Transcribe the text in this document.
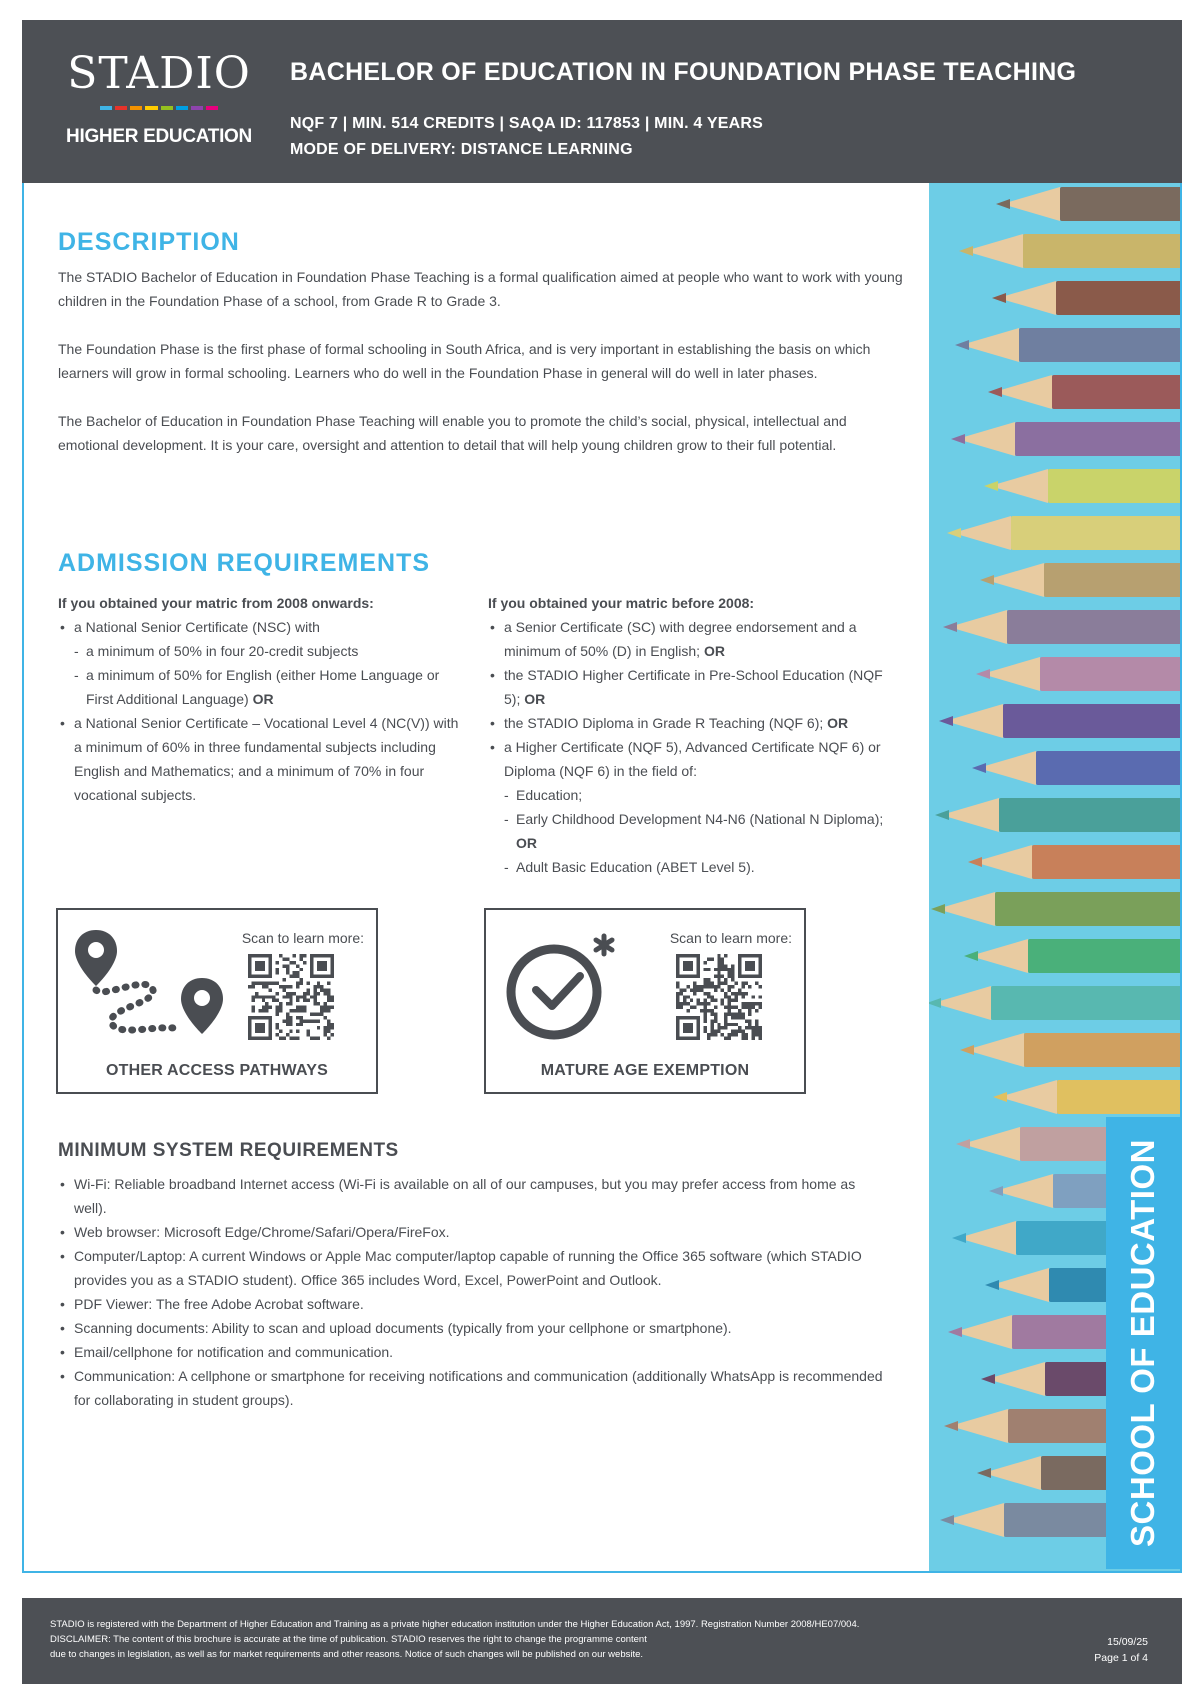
STADIO
HIGHER EDUCATION
BACHELOR OF EDUCATION IN FOUNDATION PHASE TEACHING
NQF 7 | MIN. 514 CREDITS | SAQA ID: 117853 | MIN. 4 YEARS
MODE OF DELIVERY: DISTANCE LEARNING
SCHOOL OF EDUCATION
DESCRIPTION

The STADIO Bachelor of Education in Foundation Phase Teaching is a formal qualification aimed at people who want to work with young children in the Foundation Phase of a school, from Grade R to Grade 3.

The Foundation Phase is the first phase of formal schooling in South Africa, and is very important in establishing the basis on which learners will grow in formal schooling. Learners who do well in the Foundation Phase in general will do well in later phases.

The Bachelor of Education in Foundation Phase Teaching will enable you to promote the child’s social, physical, intellectual and emotional development. It is your care, oversight and attention to detail that will help young children grow to their full potential.

ADMISSION REQUIREMENTS
If you obtained your matric from 2008 onwards:
• a National Senior Certificate (NSC) with
- a minimum of 50% in four 20-credit subjects
- a minimum of 50% for English (either Home Language or First Additional Language) OR
• a National Senior Certificate – Vocational Level 4 (NC(V)) with a minimum of 60% in three fundamental subjects including English and Mathematics; and a minimum of 70% in four vocational subjects.
If you obtained your matric before 2008:
• a Senior Certificate (SC) with degree endorsement and a minimum of 50% (D) in English; OR
• the STADIO Higher Certificate in Pre-School Education (NQF 5); OR
• the STADIO Diploma in Grade R Teaching (NQF 6); OR
• a Higher Certificate (NQF 5), Advanced Certificate NQF 6) or Diploma (NQF 6) in the field of:
- Education;
- Early Childhood Development N4-N6 (National N Diploma); OR
- Adult Basic Education (ABET Level 5).
Scan to learn more:
OTHER ACCESS PATHWAYS
Scan to learn more:
MATURE AGE EXEMPTION
MINIMUM SYSTEM REQUIREMENTS
• Wi-Fi: Reliable broadband Internet access (Wi-Fi is available on all of our campuses, but you may prefer access from home as well).
• Web browser: Microsoft Edge/Chrome/Safari/Opera/FireFox.
• Computer/Laptop: A current Windows or Apple Mac computer/laptop capable of running the Office 365 software (which STADIO provides you as a STADIO student). Office 365 includes Word, Excel, PowerPoint and Outlook.
• PDF Viewer: The free Adobe Acrobat software.
• Scanning documents: Ability to scan and upload documents (typically from your cellphone or smartphone).
• Email/cellphone for notification and communication.
• Communication: A cellphone or smartphone for receiving notifications and communication (additionally WhatsApp is recommended for collaborating in student groups).
STADIO is registered with the Department of Higher Education and Training as a private higher education institution under the Higher Education Act, 1997. Registration Number 2008/HE07/004.
DISCLAIMER: The content of this brochure is accurate at the time of publication. STADIO reserves the right to change the programme content
due to changes in legislation, as well as for market requirements and other reasons. Notice of such changes will be published on our website.
15/09/25
Page 1 of 4
